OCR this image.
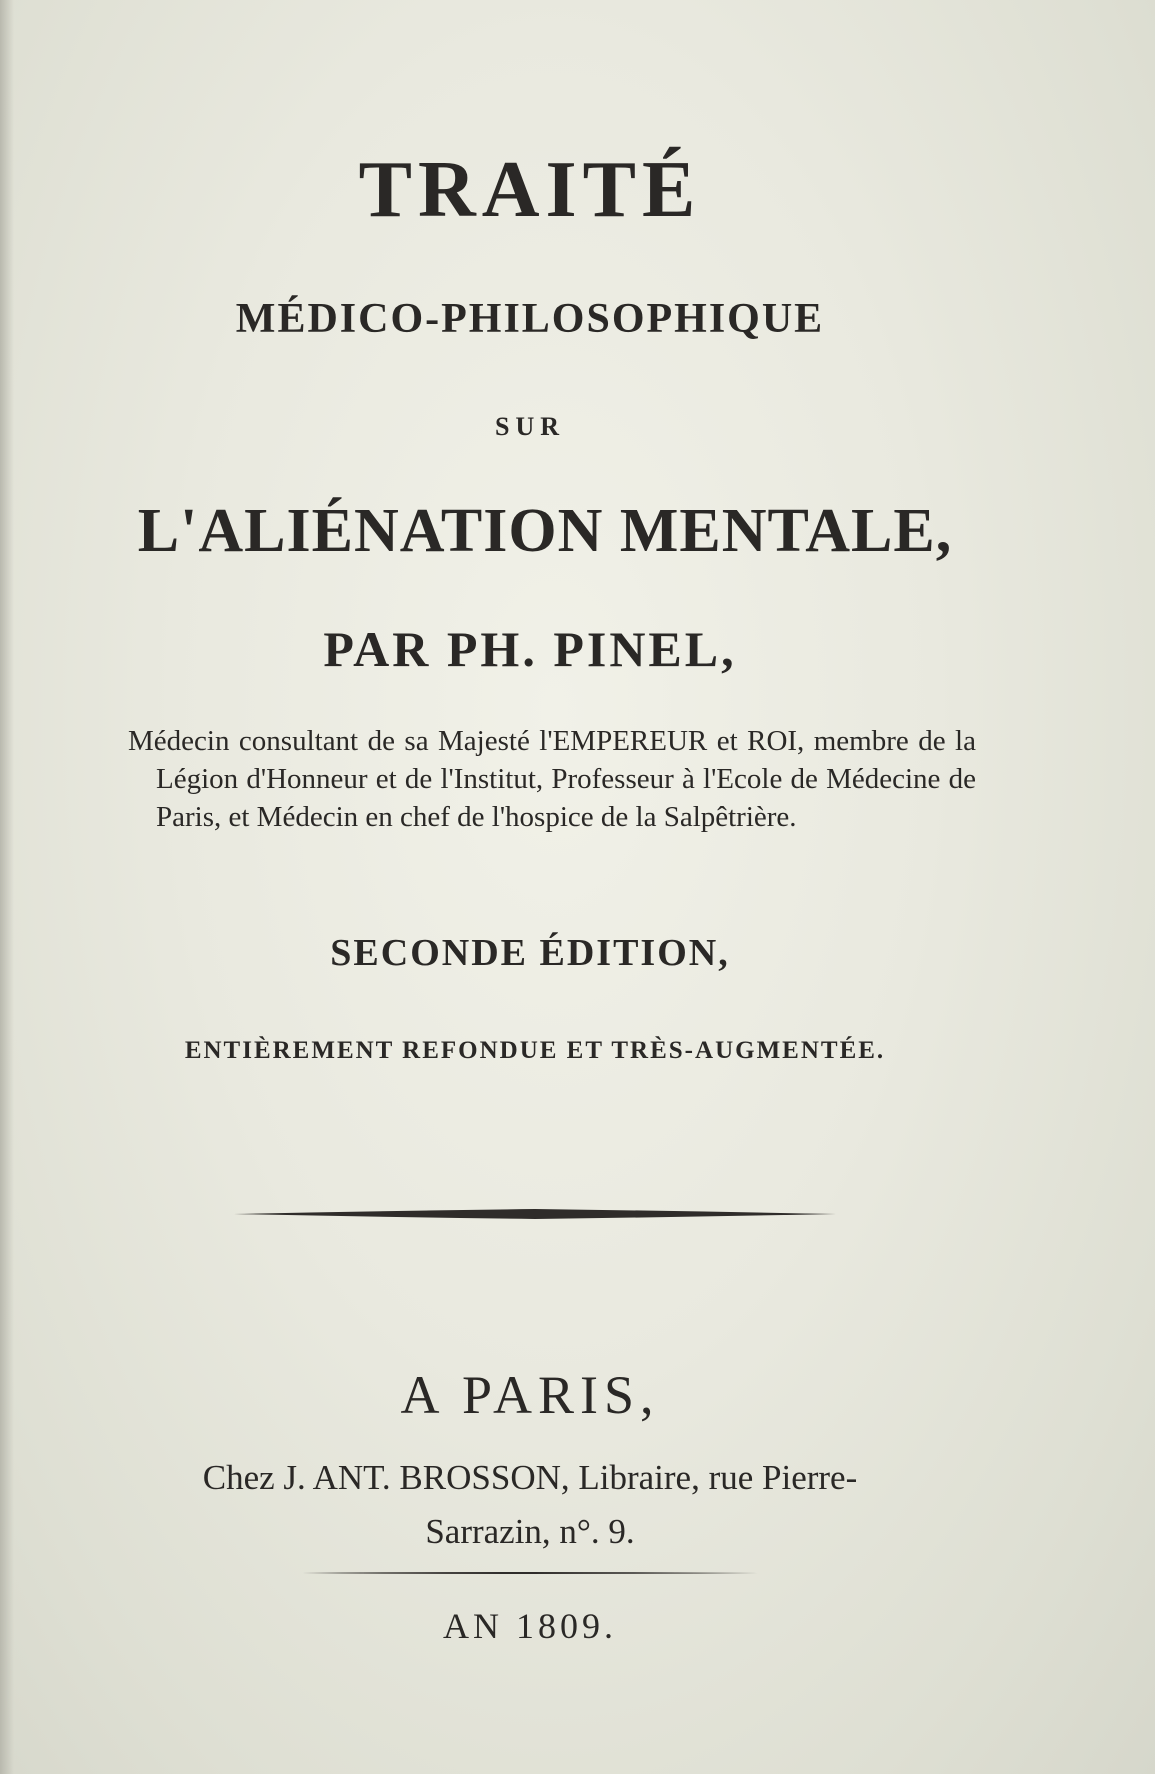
TRAITÉ
MÉDICO-PHILOSOPHIQUE
SUR
L'ALIÉNATION MENTALE,
PAR PH. PINEL,

Médecin consultant de sa Majesté l'EMPEREUR et ROI, membre de la Légion d'Honneur et de l'Institut, Professeur à l'Ecole de Médecine de Paris, et Médecin en chef de l'hospice de la Salpêtrière.

SECONDE ÉDITION,
ENTIÈREMENT REFONDUE ET TRÈS-AUGMENTÉE.
A PARIS,
Chez J. ANT. BROSSON, Libraire, rue Pierre-
Sarrazin, n°. 9.
AN 1809.
